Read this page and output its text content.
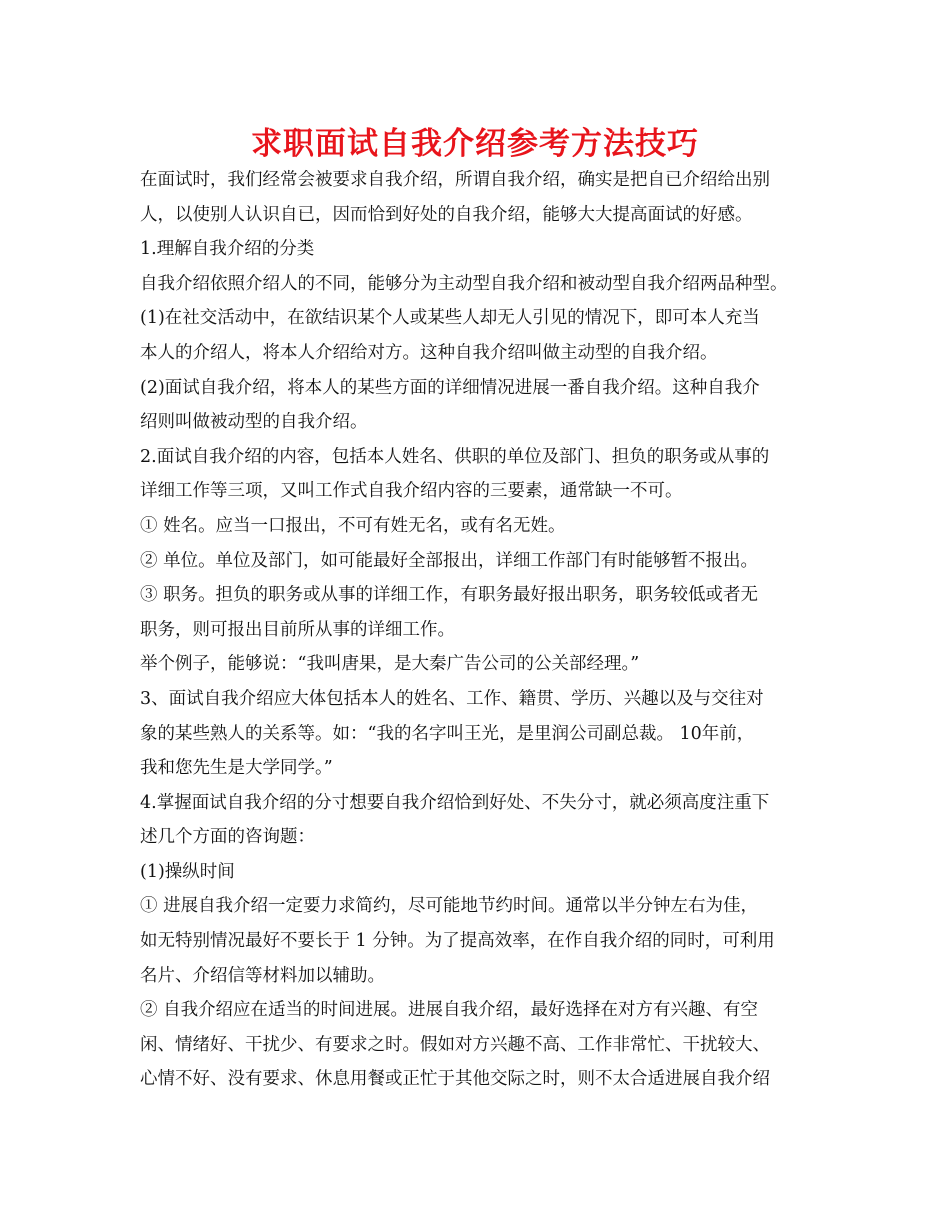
求职面试自我介绍参考方法技巧
在面试时，我们经常会被要求自我介绍，所谓自我介绍，确实是把自已介绍给出别
人，以使别人认识自已，因而恰到好处的自我介绍，能够大大提高面试的好感。
1.理解自我介绍的分类
自我介绍依照介绍人的不同，能够分为主动型自我介绍和被动型自我介绍两品种型。
(1)在社交活动中，在欲结识某个人或某些人却无人引见的情况下，即可本人充当
本人的介绍人，将本人介绍给对方。这种自我介绍叫做主动型的自我介绍。
(2)面试自我介绍，将本人的某些方面的详细情况进展一番自我介绍。这种自我介
绍则叫做被动型的自我介绍。
2.面试自我介绍的内容，包括本人姓名、供职的单位及部门、担负的职务或从事的
详细工作等三项，又叫工作式自我介绍内容的三要素，通常缺一不可。
① 姓名。应当一口报出，不可有姓无名，或有名无姓。
② 单位。单位及部门，如可能最好全部报出，详细工作部门有时能够暂不报出。
③ 职务。担负的职务或从事的详细工作，有职务最好报出职务，职务较低或者无
职务，则可报出目前所从事的详细工作。
举个例子，能够说：“我叫唐果，是大秦广告公司的公关部经理。”
3、面试自我介绍应大体包括本人的姓名、工作、籍贯、学历、兴趣以及与交往对
象的某些熟人的关系等。如：“我的名字叫王光，是里润公司副总裁。 10年前，
我和您先生是大学同学。”
4.掌握面试自我介绍的分寸想要自我介绍恰到好处、不失分寸，就必须高度注重下
述几个方面的咨询题：
(1)操纵时间
① 进展自我介绍一定要力求简约，尽可能地节约时间。通常以半分钟左右为佳，
如无特别情况最好不要长于 1 分钟。为了提高效率，在作自我介绍的同时，可利用
名片、介绍信等材料加以辅助。
② 自我介绍应在适当的时间进展。进展自我介绍，最好选择在对方有兴趣、有空
闲、情绪好、干扰少、有要求之时。假如对方兴趣不高、工作非常忙、干扰较大、
心情不好、没有要求、休息用餐或正忙于其他交际之时，则不太合适进展自我介绍
